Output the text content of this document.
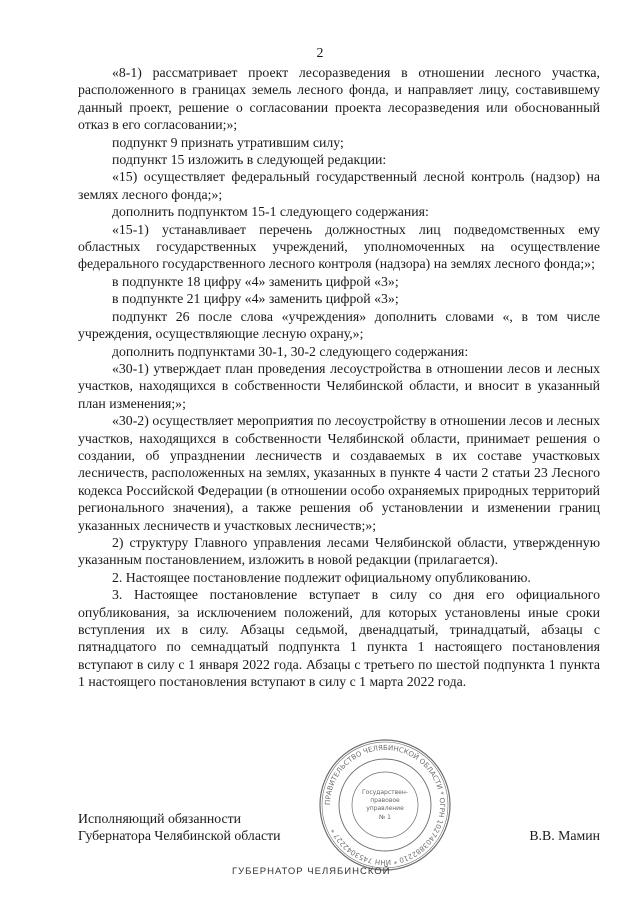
2

«8-1) рассматривает проект лесоразведения в отношении лесного участка, расположенного в границах земель лесного фонда, и направляет лицу, составившему данный проект, решение о согласовании проекта лесоразведения или обоснованный отказ в его согласовании;»;

подпункт 9 признать утратившим силу;

подпункт 15 изложить в следующей редакции:

«15) осуществляет федеральный государственный лесной контроль (надзор) на землях лесного фонда;»;

дополнить подпунктом 15-1 следующего содержания:

«15-1) устанавливает перечень должностных лиц подведомственных ему областных государственных учреждений, уполномоченных на осуществление федерального государственного лесного контроля (надзора) на землях лесного фонда;»;

в подпункте 18 цифру «4» заменить цифрой «3»;

в подпункте 21 цифру «4» заменить цифрой «3»;

подпункт 26 после слова «учреждения» дополнить словами «, в том числе учреждения, осуществляющие лесную охрану,»;

дополнить подпунктами 30-1, 30-2 следующего содержания:

«30-1) утверждает план проведения лесоустройства в отношении лесов и лесных участков, находящихся в собственности Челябинской области, и вносит в указанный план изменения;»;

«30-2) осуществляет мероприятия по лесоустройству в отношении лесов и лесных участков, находящихся в собственности Челябинской области, принимает решения о создании, об упразднении лесничеств и создаваемых в их составе участковых лесничеств, расположенных на землях, указанных в пункте 4 части 2 статьи 23 Лесного кодекса Российской Федерации (в отношении особо охраняемых природных территорий регионального значения), а также решения об установлении и изменении границ указанных лесничеств и участковых лесничеств;»;

2) структуру Главного управления лесами Челябинской области, утвержденную указанным постановлением, изложить в новой редакции (прилагается).

2. Настоящее постановление подлежит официальному опубликованию.

3. Настоящее постановление вступает в силу со дня его официального опубликования, за исключением положений, для которых установлены иные сроки вступления их в силу. Абзацы седьмой, двенадцатый, тринадцатый, абзацы с пятнадцатого по семнадцатый подпункта 1 пункта 1 настоящего постановления вступают в силу с 1 января 2022 года. Абзацы с третьего по шестой подпункта 1 пункта 1 настоящего постановления вступают в силу с 1 марта 2022 года.

Исполняющий обязанности
Губернатора Челябинской области	В.В. Мамин
ПРАВИТЕЛЬСТВО ЧЕЛЯБИНСКОЙ ОБЛАСТИ * ОГРН 1027403882210 * ИНН 7453042227 *
Государствен-
правовое
управление
№ 1
ГУБЕРНАТОР ЧЕЛЯБИНСКОЙ
